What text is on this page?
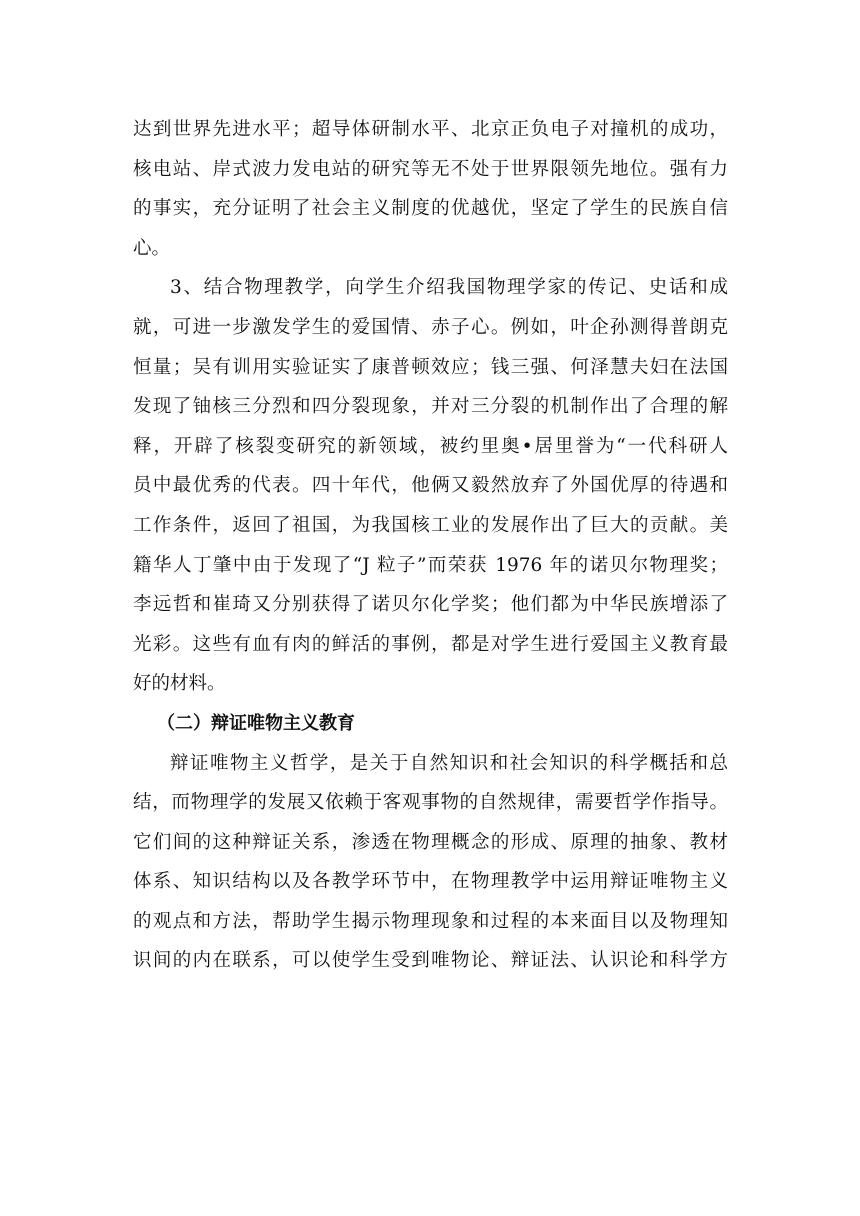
达到世界先进水平；超导体研制水平、北京正负电子对撞机的成功，
核电站、岸式波力发电站的研究等无不处于世界限领先地位。强有力
的事实，充分证明了社会主义制度的优越优，坚定了学生的民族自信
心。
3、结合物理教学，向学生介绍我国物理学家的传记、史话和成
就，可进一步激发学生的爱国情、赤子心。例如，叶企孙测得普朗克
恒量；吴有训用实验证实了康普顿效应；钱三强、何泽慧夫妇在法国
发现了铀核三分烈和四分裂现象，并对三分裂的机制作出了合理的解
释，开辟了核裂变研究的新领域，被约里奥•居里誉为“一代科研人
员中最优秀的代表。四十年代，他俩又毅然放弃了外国优厚的待遇和
工作条件，返回了祖国，为我国核工业的发展作出了巨大的贡献。美
籍华人丁肇中由于发现了“J 粒子”而荣获 1976 年的诺贝尔物理奖；
李远哲和崔琦又分别获得了诺贝尔化学奖；他们都为中华民族增添了
光彩。这些有血有肉的鲜活的事例，都是对学生进行爱国主义教育最
好的材料。
（二）辩证唯物主义教育
辩证唯物主义哲学，是关于自然知识和社会知识的科学概括和总
结，而物理学的发展又依赖于客观事物的自然规律，需要哲学作指导。
它们间的这种辩证关系，渗透在物理概念的形成、原理的抽象、教材
体系、知识结构以及各教学环节中，在物理教学中运用辩证唯物主义
的观点和方法，帮助学生揭示物理现象和过程的本来面目以及物理知
识间的内在联系，可以使学生受到唯物论、辩证法、认识论和科学方
